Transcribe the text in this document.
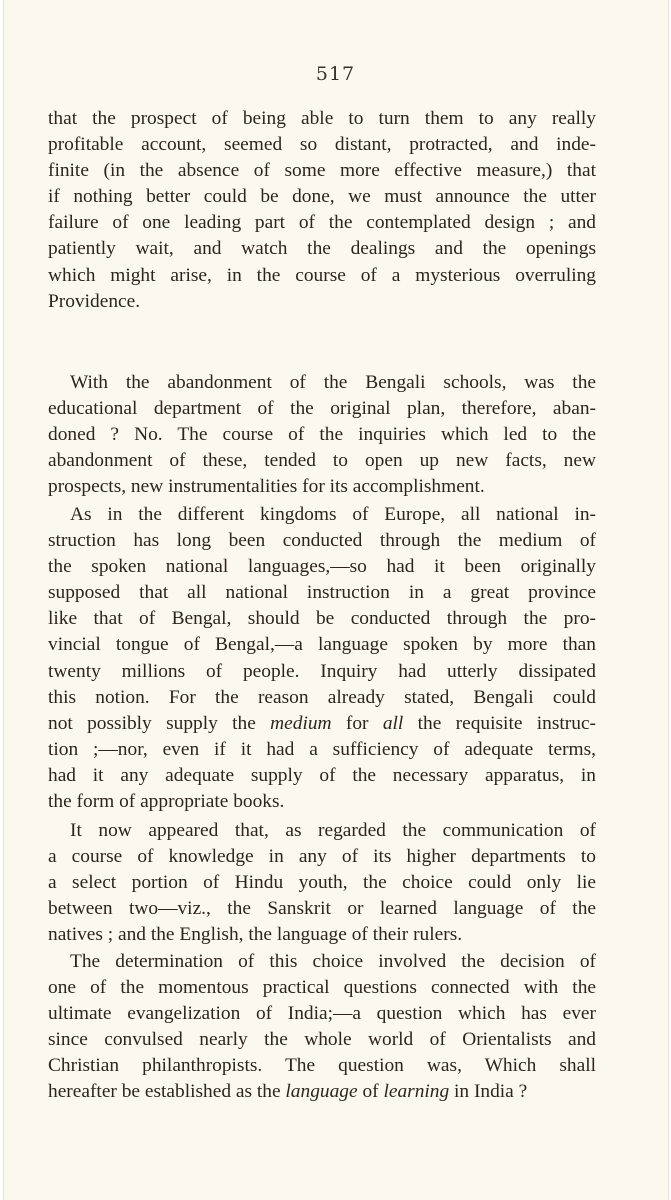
517
that the prospect of being able to turn them to any really
profitable account, seemed so distant, protracted, and inde-
finite (in the absence of some more effective measure,) that
if nothing better could be done, we must announce the utter
failure of one leading part of the contemplated design ; and
patiently wait, and watch the dealings and the openings
which might arise, in the course of a mysterious overruling
Providence.
With the abandonment of the Bengali schools, was the
educational department of the original plan, therefore, aban-
doned ? No. The course of the inquiries which led to the
abandonment of these, tended to open up new facts, new
prospects, new instrumentalities for its accomplishment.
As in the different kingdoms of Europe, all national in-
struction has long been conducted through the medium of
the spoken national languages,—so had it been originally
supposed that all national instruction in a great province
like that of Bengal, should be conducted through the pro-
vincial tongue of Bengal,—a language spoken by more than
twenty millions of people. Inquiry had utterly dissipated
this notion. For the reason already stated, Bengali could
not possibly supply the medium for all the requisite instruc-
tion ;—nor, even if it had a sufficiency of adequate terms,
had it any adequate supply of the necessary apparatus, in
the form of appropriate books.
It now appeared that, as regarded the communication of
a course of knowledge in any of its higher departments to
a select portion of Hindu youth, the choice could only lie
between two—viz., the Sanskrit or learned language of the
natives ; and the English, the language of their rulers.
The determination of this choice involved the decision of
one of the momentous practical questions connected with the
ultimate evangelization of India;—a question which has ever
since convulsed nearly the whole world of Orientalists and
Christian philanthropists. The question was, Which shall
hereafter be established as the language of learning in India ?
